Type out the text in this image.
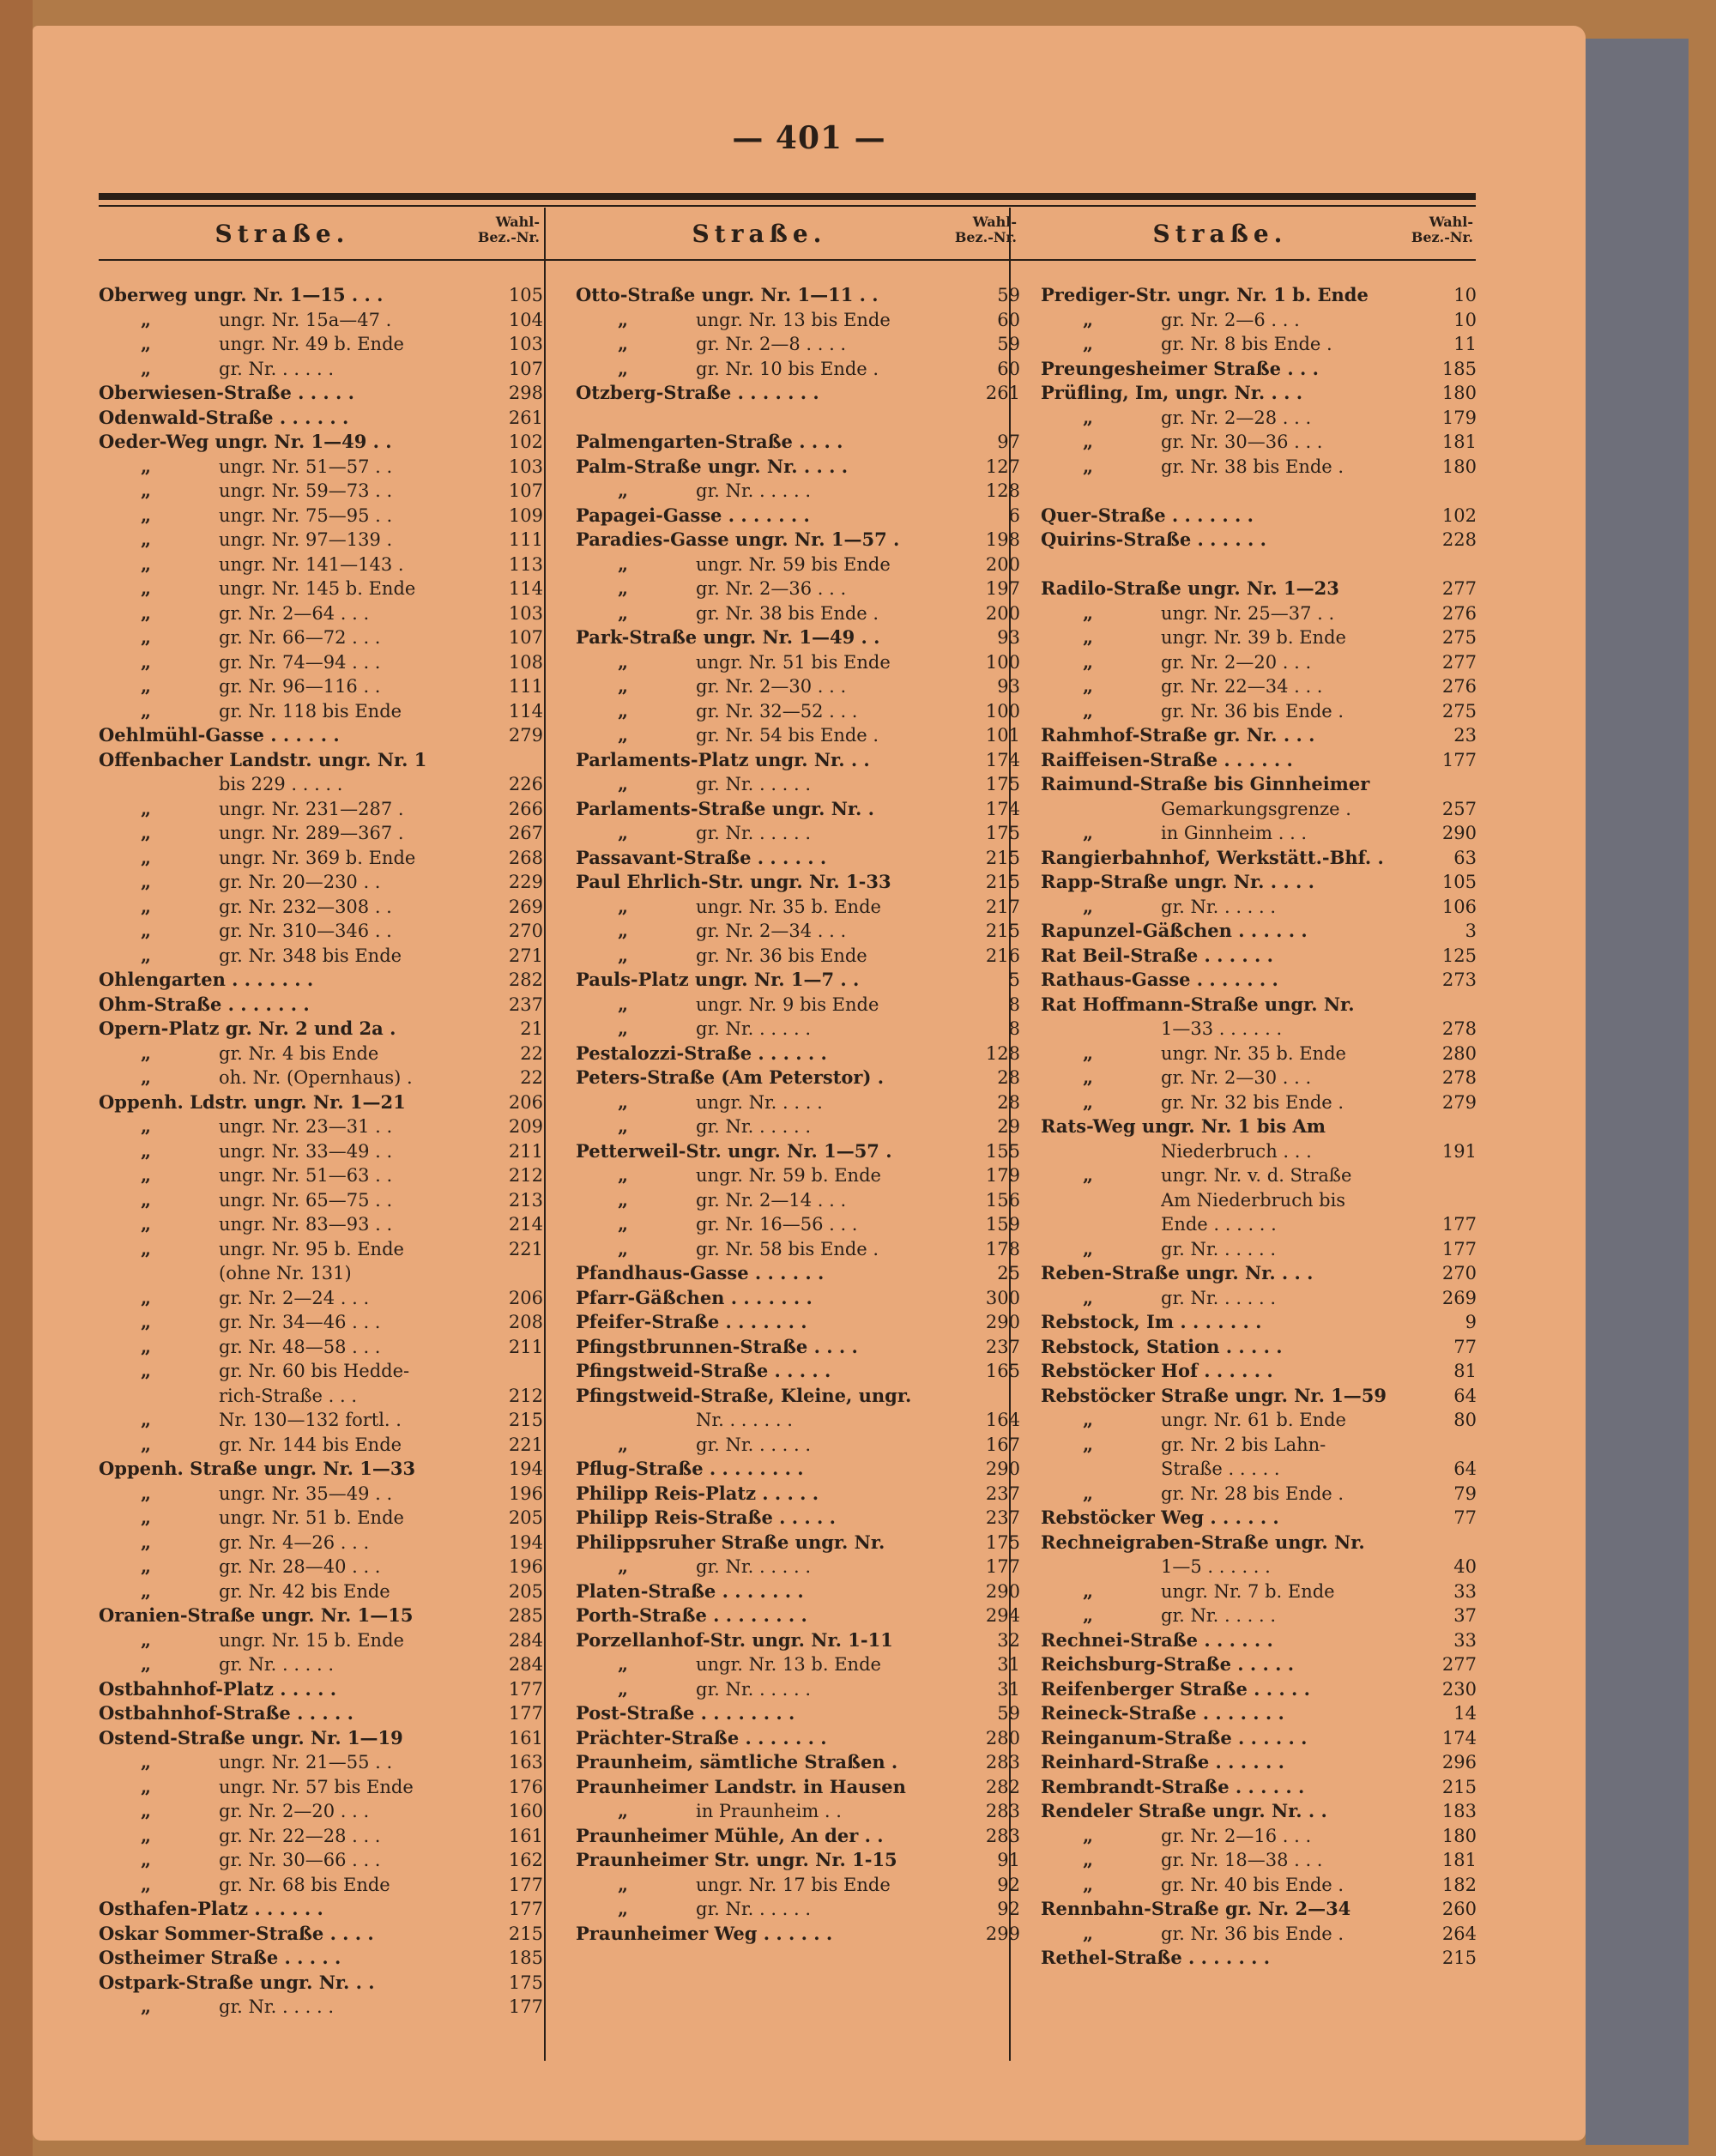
— 401 —
Straße.	Wahl-
Bez.-Nr.
Oberweg ungr. Nr. 1—15 . . .	105
„	ungr. Nr. 15a—47 .	104
„	ungr. Nr. 49 b. Ende	103
„	gr. Nr. . . . . .	107
Oberwiesen-Straße . . . . .	298
Odenwald-Straße . . . . . .	261
Oeder-Weg ungr. Nr. 1—49 . .	102
„	ungr. Nr. 51—57 . .	103
„	ungr. Nr. 59—73 . .	107
„	ungr. Nr. 75—95 . .	109
„	ungr. Nr. 97—139 .	111
„	ungr. Nr. 141—143 .	113
„	ungr. Nr. 145 b. Ende	114
„	gr. Nr. 2—64 . . .	103
„	gr. Nr. 66—72 . . .	107
„	gr. Nr. 74—94 . . .	108
„	gr. Nr. 96—116 . .	111
„	gr. Nr. 118 bis Ende	114
Oehlmühl-Gasse . . . . . .	279
Offenbacher Landstr. ungr. Nr. 1
bis 229 . . . . .	226
„	ungr. Nr. 231—287 .	266
„	ungr. Nr. 289—367 .	267
„	ungr. Nr. 369 b. Ende	268
„	gr. Nr. 20—230 . .	229
„	gr. Nr. 232—308 . .	269
„	gr. Nr. 310—346 . .	270
„	gr. Nr. 348 bis Ende	271
Ohlengarten . . . . . . .	282
Ohm-Straße . . . . . . .	237
Opern-Platz gr. Nr. 2 und 2a .	21
„	gr. Nr. 4 bis Ende	22
„	oh. Nr. (Opernhaus) .	22
Oppenh. Ldstr. ungr. Nr. 1—21	206
„	ungr. Nr. 23—31 . .	209
„	ungr. Nr. 33—49 . .	211
„	ungr. Nr. 51—63 . .	212
„	ungr. Nr. 65—75 . .	213
„	ungr. Nr. 83—93 . .	214
„	ungr. Nr. 95 b. Ende	221
(ohne Nr. 131)
„	gr. Nr. 2—24 . . .	206
„	gr. Nr. 34—46 . . .	208
„	gr. Nr. 48—58 . . .	211
„	gr. Nr. 60 bis Hedde-
rich-Straße . . .	212
„	Nr. 130—132 fortl. .	215
„	gr. Nr. 144 bis Ende	221
Oppenh. Straße ungr. Nr. 1—33	194
„	ungr. Nr. 35—49 . .	196
„	ungr. Nr. 51 b. Ende	205
„	gr. Nr. 4—26 . . .	194
„	gr. Nr. 28—40 . . .	196
„	gr. Nr. 42 bis Ende	205
Oranien-Straße ungr. Nr. 1—15	285
„	ungr. Nr. 15 b. Ende	284
„	gr. Nr. . . . . .	284
Ostbahnhof-Platz . . . . .	177
Ostbahnhof-Straße . . . . .	177
Ostend-Straße ungr. Nr. 1—19	161
„	ungr. Nr. 21—55 . .	163
„	ungr. Nr. 57 bis Ende	176
„	gr. Nr. 2—20 . . .	160
„	gr. Nr. 22—28 . . .	161
„	gr. Nr. 30—66 . . .	162
„	gr. Nr. 68 bis Ende	177
Osthafen-Platz . . . . . .	177
Oskar Sommer-Straße . . . .	215
Ostheimer Straße . . . . .	185
Ostpark-Straße ungr. Nr. . .	175
„	gr. Nr. . . . . .	177
Straße.	Wahl-
Bez.-Nr.
Otto-Straße ungr. Nr. 1—11 . .	59
„	ungr. Nr. 13 bis Ende	60
„	gr. Nr. 2—8 . . . .	59
„	gr. Nr. 10 bis Ende .	60
Otzberg-Straße . . . . . . .	261
Palmengarten-Straße . . . .	97
Palm-Straße ungr. Nr. . . . .	127
„	gr. Nr. . . . . .	128
Papagei-Gasse . . . . . . .	6
Paradies-Gasse ungr. Nr. 1—57 .	198
„	ungr. Nr. 59 bis Ende	200
„	gr. Nr. 2—36 . . .	197
„	gr. Nr. 38 bis Ende .	200
Park-Straße ungr. Nr. 1—49 . .	93
„	ungr. Nr. 51 bis Ende	100
„	gr. Nr. 2—30 . . .	93
„	gr. Nr. 32—52 . . .	100
„	gr. Nr. 54 bis Ende .	101
Parlaments-Platz ungr. Nr. . .	174
„	gr. Nr. . . . . .	175
Parlaments-Straße ungr. Nr. .	174
„	gr. Nr. . . . . .	175
Passavant-Straße . . . . . .	215
Paul Ehrlich-Str. ungr. Nr. 1-33	215
„	ungr. Nr. 35 b. Ende	217
„	gr. Nr. 2—34 . . .	215
„	gr. Nr. 36 bis Ende	216
Pauls-Platz ungr. Nr. 1—7 . .	5
„	ungr. Nr. 9 bis Ende	8
„	gr. Nr. . . . . .	8
Pestalozzi-Straße . . . . . .	128
Peters-Straße (Am Peterstor) .	28
„	ungr. Nr. . . . .	28
„	gr. Nr. . . . . .	29
Petterweil-Str. ungr. Nr. 1—57 .	155
„	ungr. Nr. 59 b. Ende	179
„	gr. Nr. 2—14 . . .	156
„	gr. Nr. 16—56 . . .	159
„	gr. Nr. 58 bis Ende .	178
Pfandhaus-Gasse . . . . . .	25
Pfarr-Gäßchen . . . . . . .	300
Pfeifer-Straße . . . . . . .	290
Pfingstbrunnen-Straße . . . .	237
Pfingstweid-Straße . . . . .	165
Pfingstweid-Straße, Kleine, ungr.
Nr. . . . . . .	164
„	gr. Nr. . . . . .	167
Pflug-Straße . . . . . . . .	290
Philipp Reis-Platz . . . . .	237
Philipp Reis-Straße . . . . .	237
Philippsruher Straße ungr. Nr.	175
„	gr. Nr. . . . . .	177
Platen-Straße . . . . . . .	290
Porth-Straße . . . . . . . .	294
Porzellanhof-Str. ungr. Nr. 1-11	32
„	ungr. Nr. 13 b. Ende	31
„	gr. Nr. . . . . .	31
Post-Straße . . . . . . . .	59
Prächter-Straße . . . . . . .	280
Praunheim, sämtliche Straßen .	283
Praunheimer Landstr. in Hausen	282
„	in Praunheim . .	283
Praunheimer Mühle, An der . .	283
Praunheimer Str. ungr. Nr. 1-15	91
„	ungr. Nr. 17 bis Ende	92
„	gr. Nr. . . . . .	92
Praunheimer Weg . . . . . .	299
Straße.	Wahl-
Bez.-Nr.
Prediger-Str. ungr. Nr. 1 b. Ende	10
„	gr. Nr. 2—6 . . .	10
„	gr. Nr. 8 bis Ende .	11
Preungesheimer Straße . . .	185
Prüfling, Im, ungr. Nr. . . .	180
„	gr. Nr. 2—28 . . .	179
„	gr. Nr. 30—36 . . .	181
„	gr. Nr. 38 bis Ende .	180
Quer-Straße . . . . . . .	102
Quirins-Straße . . . . . .	228
Radilo-Straße ungr. Nr. 1—23	277
„	ungr. Nr. 25—37 . .	276
„	ungr. Nr. 39 b. Ende	275
„	gr. Nr. 2—20 . . .	277
„	gr. Nr. 22—34 . . .	276
„	gr. Nr. 36 bis Ende .	275
Rahmhof-Straße gr. Nr. . . .	23
Raiffeisen-Straße . . . . . .	177
Raimund-Straße bis Ginnheimer
Gemarkungsgrenze .	257
„	in Ginnheim . . .	290
Rangierbahnhof, Werkstätt.-Bhf. .	63
Rapp-Straße ungr. Nr. . . . .	105
„	gr. Nr. . . . . .	106
Rapunzel-Gäßchen . . . . . .	3
Rat Beil-Straße . . . . . .	125
Rathaus-Gasse . . . . . . .	273
Rat Hoffmann-Straße ungr. Nr.
1—33 . . . . . .	278
„	ungr. Nr. 35 b. Ende	280
„	gr. Nr. 2—30 . . .	278
„	gr. Nr. 32 bis Ende .	279
Rats-Weg ungr. Nr. 1 bis Am
Niederbruch . . .	191
„	ungr. Nr. v. d. Straße
Am Niederbruch bis
Ende . . . . . .	177
„	gr. Nr. . . . . .	177
Reben-Straße ungr. Nr. . . .	270
„	gr. Nr. . . . . .	269
Rebstock, Im . . . . . . .	9
Rebstock, Station . . . . .	77
Rebstöcker Hof . . . . . .	81
Rebstöcker Straße ungr. Nr. 1—59	64
„	ungr. Nr. 61 b. Ende	80
„	gr. Nr. 2 bis Lahn-
Straße . . . . .	64
„	gr. Nr. 28 bis Ende .	79
Rebstöcker Weg . . . . . .	77
Rechneigraben-Straße ungr. Nr.
1—5 . . . . . .	40
„	ungr. Nr. 7 b. Ende	33
„	gr. Nr. . . . . .	37
Rechnei-Straße . . . . . .	33
Reichsburg-Straße . . . . .	277
Reifenberger Straße . . . . .	230
Reineck-Straße . . . . . . .	14
Reinganum-Straße . . . . . .	174
Reinhard-Straße . . . . . .	296
Rembrandt-Straße . . . . . .	215
Rendeler Straße ungr. Nr. . .	183
„	gr. Nr. 2—16 . . .	180
„	gr. Nr. 18—38 . . .	181
„	gr. Nr. 40 bis Ende .	182
Rennbahn-Straße gr. Nr. 2—34	260
„	gr. Nr. 36 bis Ende .	264
Rethel-Straße . . . . . . .	215
